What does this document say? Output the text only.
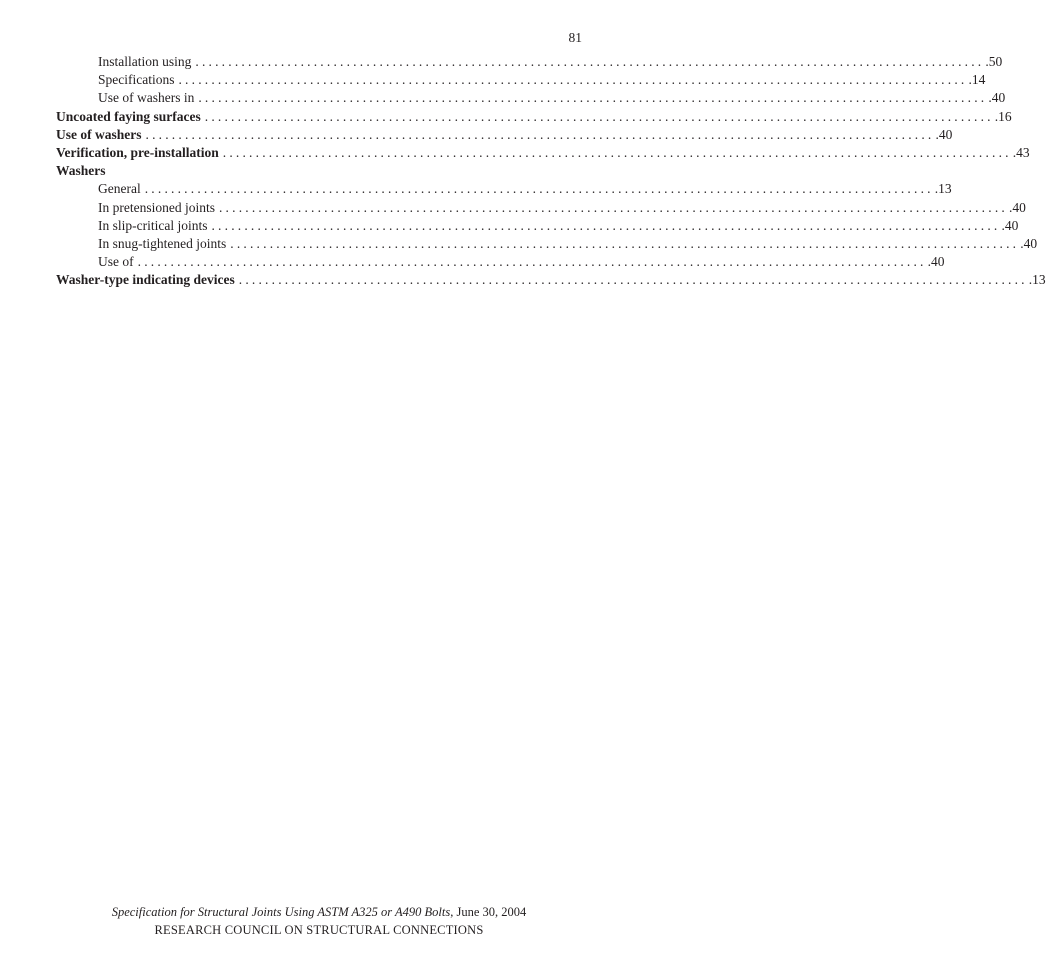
81
Installation using ........................................................................................................................ .50
Specifications ........................................................................................................................ .14
Use of washers in ........................................................................................................................ .40
Uncoated faying surfaces ........................................................................................................................ .16
Use of washers ........................................................................................................................ .40
Verification, pre-installation ........................................................................................................................ .43
Washers
General ........................................................................................................................ .13
In pretensioned joints ........................................................................................................................ .40
In slip-critical joints ........................................................................................................................ .40
In snug-tightened joints ........................................................................................................................ .40
Use of ........................................................................................................................ .40
Washer-type indicating devices ........................................................................................................................ .13
Specification for Structural Joints Using ASTM A325 or A490 Bolts, June 30, 2004
RESEARCH COUNCIL ON STRUCTURAL CONNECTIONS
